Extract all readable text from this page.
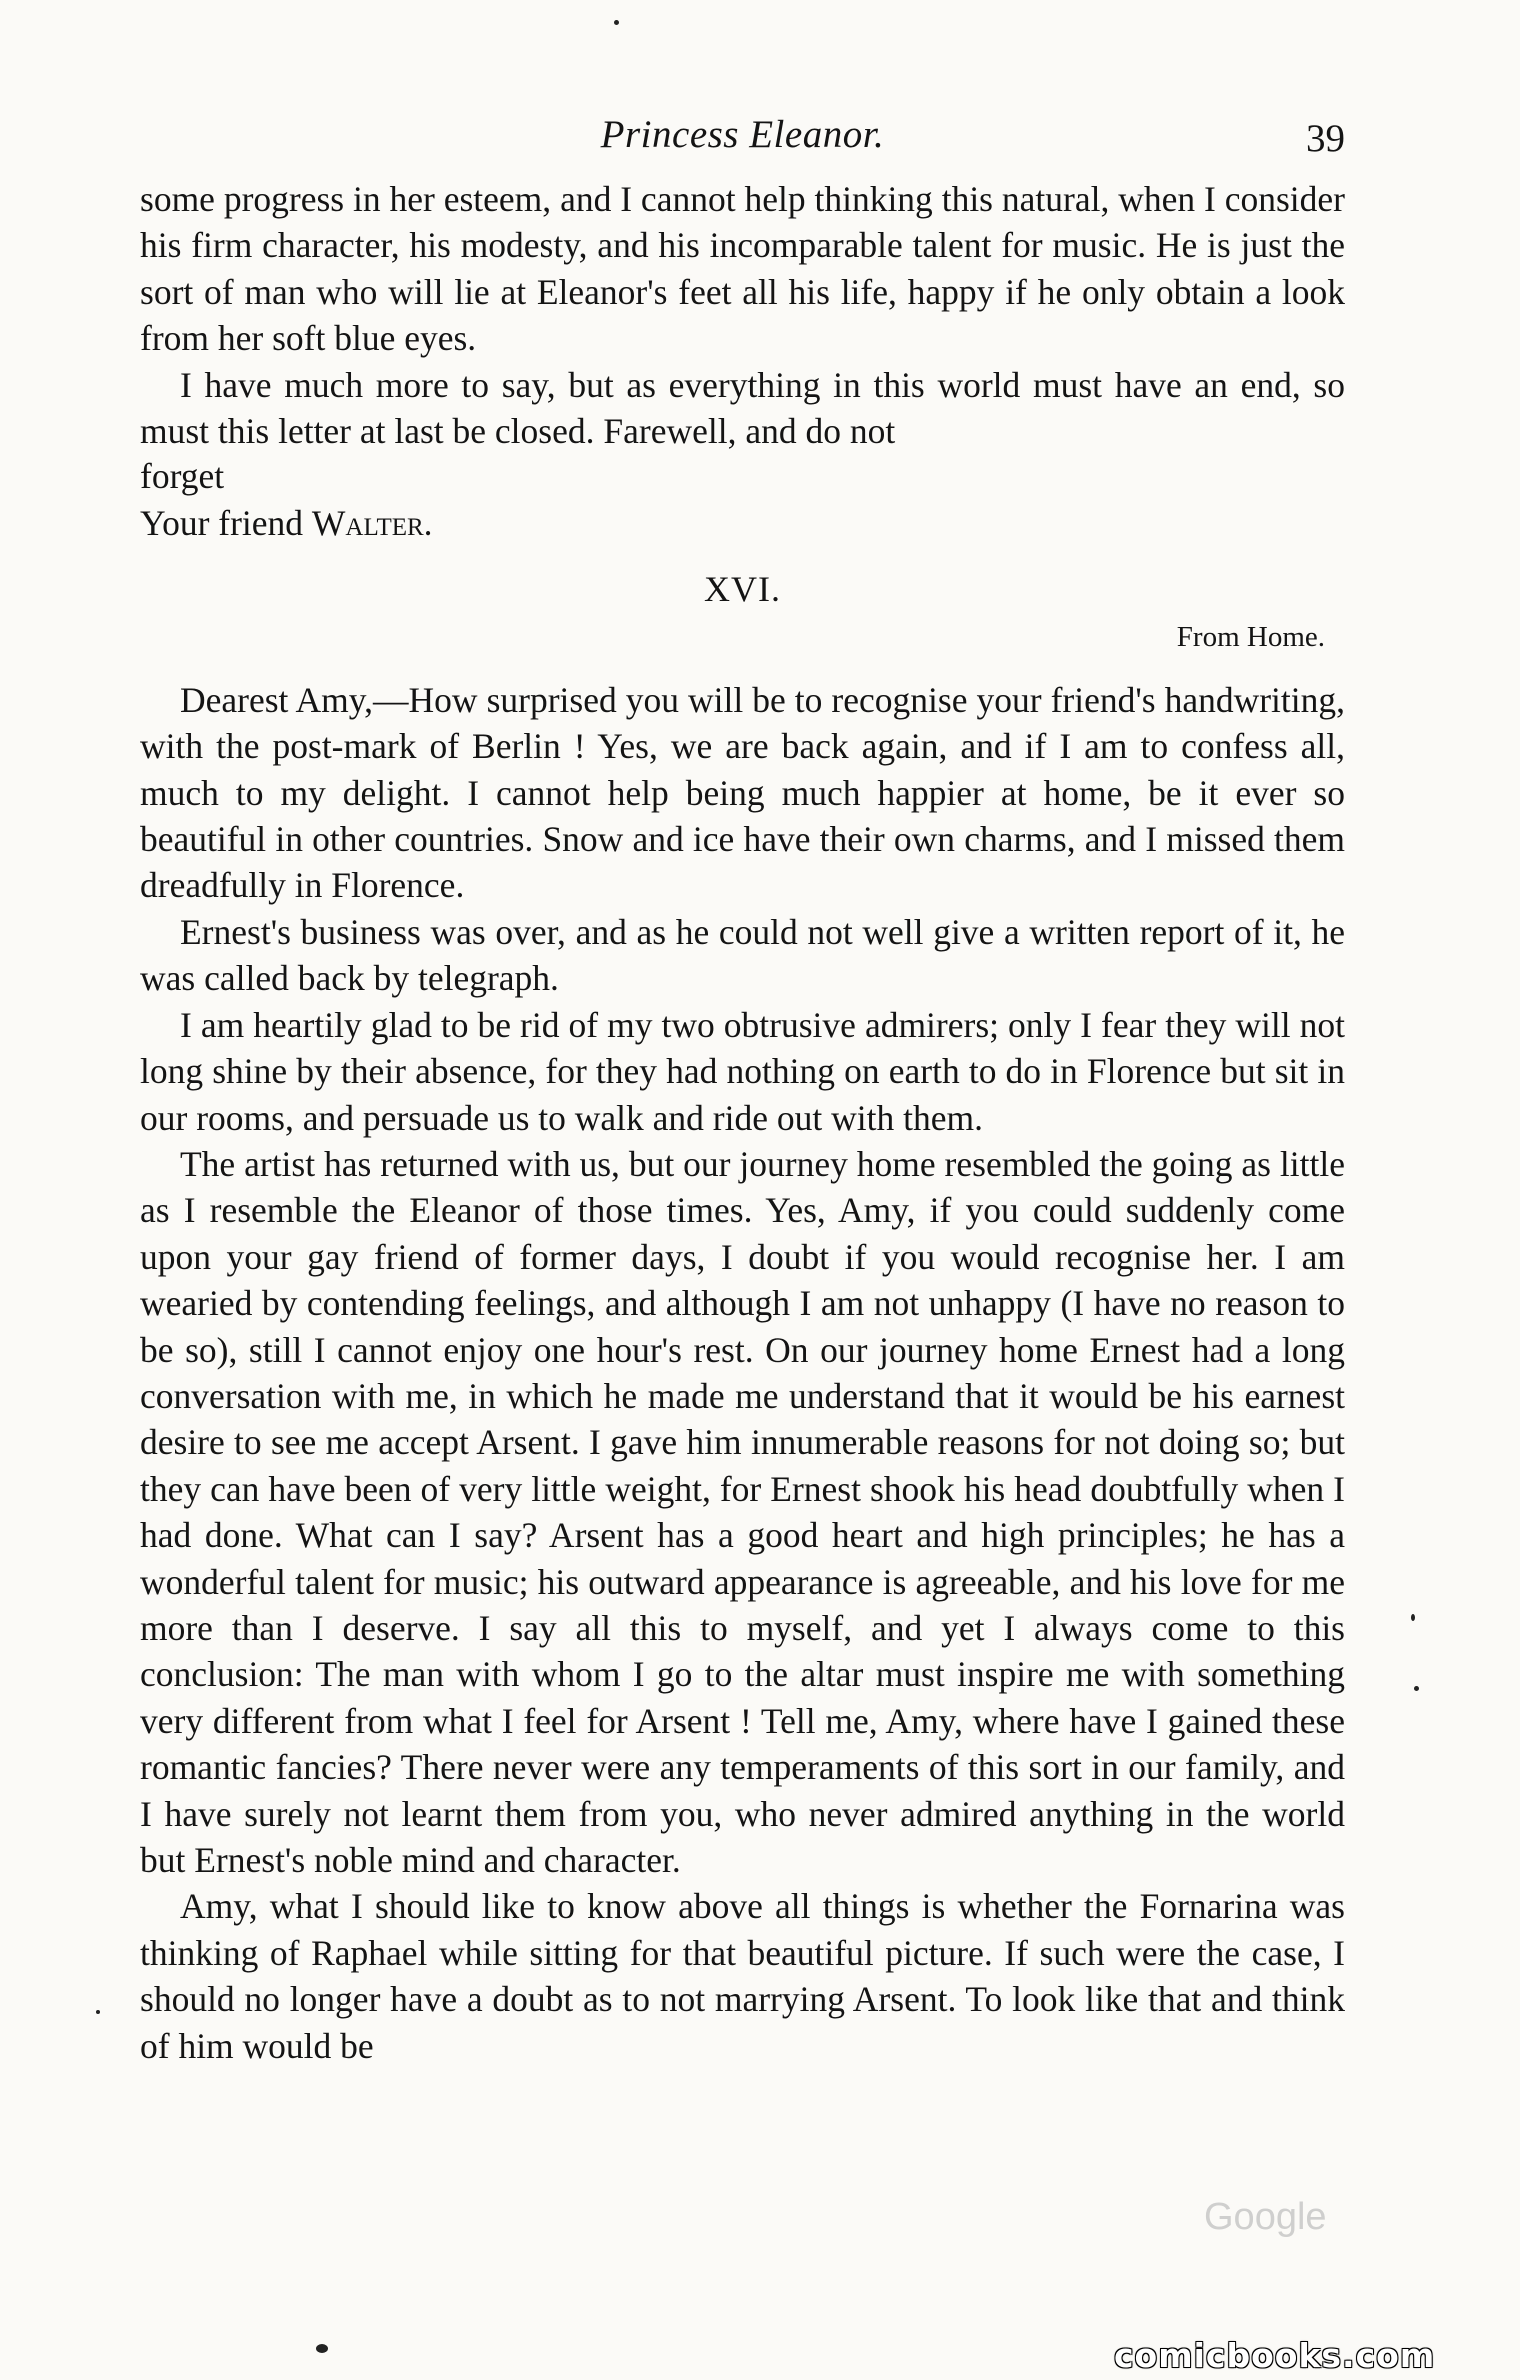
Princess Eleanor.	39

some progress in her esteem, and I cannot help thinking this natural, when I consider his firm character, his modesty, and his incomparable talent for music. He is just the sort of man who will lie at Eleanor's feet all his life, happy if he only obtain a look from her soft blue eyes.

I have much more to say, but as everything in this world must have an end, so must this letter at last be closed. Farewell, and do not

forget

Your friend Walter.

XVI.
From Home.

Dearest Amy,—How surprised you will be to recognise your friend's handwriting, with the post-mark of Berlin ! Yes, we are back again, and if I am to confess all, much to my delight. I cannot help being much happier at home, be it ever so beautiful in other countries. Snow and ice have their own charms, and I missed them dreadfully in Florence.

Ernest's business was over, and as he could not well give a written report of it, he was called back by telegraph.

I am heartily glad to be rid of my two obtrusive admirers; only I fear they will not long shine by their absence, for they had nothing on earth to do in Florence but sit in our rooms, and persuade us to walk and ride out with them.

The artist has returned with us, but our journey home resembled the going as little as I resemble the Eleanor of those times. Yes, Amy, if you could suddenly come upon your gay friend of former days, I doubt if you would recognise her. I am wearied by contending feelings, and although I am not unhappy (I have no reason to be so), still I cannot enjoy one hour's rest. On our journey home Ernest had a long conversation with me, in which he made me understand that it would be his earnest desire to see me accept Arsent. I gave him innumerable reasons for not doing so; but they can have been of very little weight, for Ernest shook his head doubtfully when I had done. What can I say? Arsent has a good heart and high principles; he has a wonderful talent for music; his outward appearance is agreeable, and his love for me more than I deserve. I say all this to myself, and yet I always come to this conclusion: The man with whom I go to the altar must inspire me with something very different from what I feel for Arsent ! Tell me, Amy, where have I gained these romantic fancies? There never were any temperaments of this sort in our family, and I have surely not learnt them from you, who never admired anything in the world but Ernest's noble mind and character.

Amy, what I should like to know above all things is whether the Fornarina was thinking of Raphael while sitting for that beautiful picture. If such were the case, I should no longer have a doubt as to not marrying Arsent. To look like that and think of him would be

Google
comicbooks.com
